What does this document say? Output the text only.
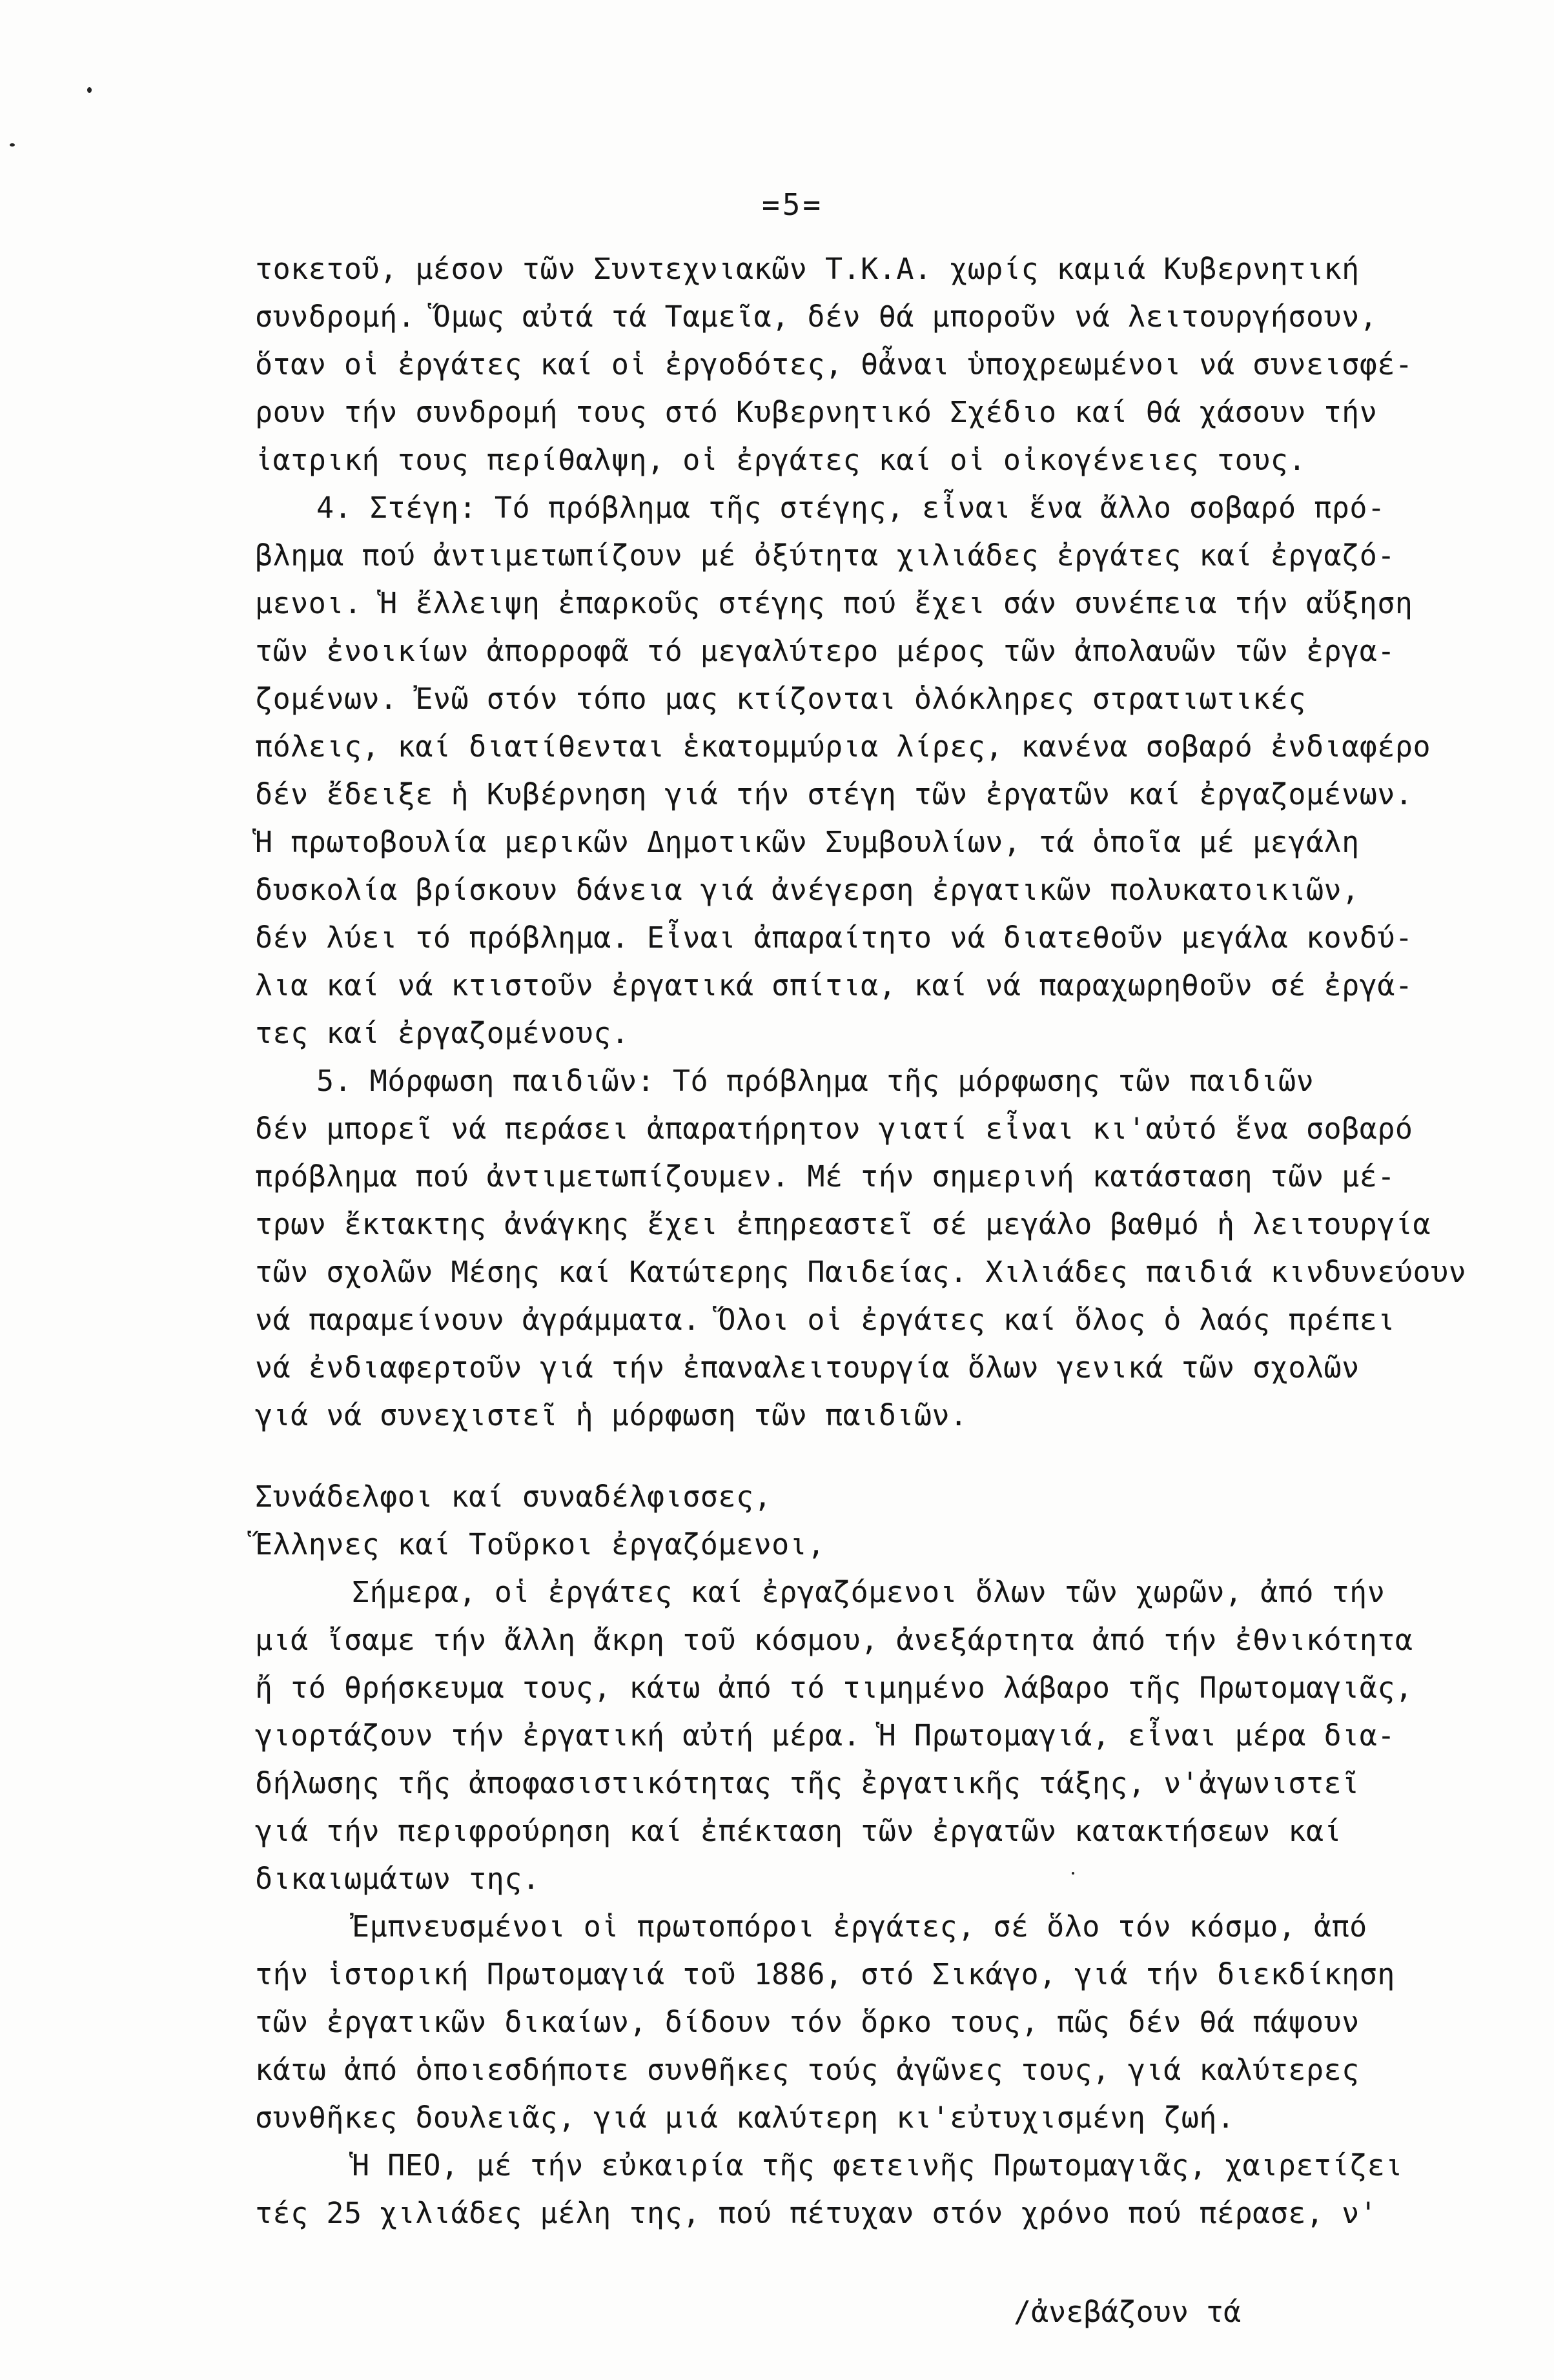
=5=
τοκετοῦ, μέσον τῶν Συντεχνιακῶν Τ.Κ.Α. χωρίς καμιά Κυβερνητική
συνδρομή. Ὅμως αὐτά τά Ταμεῖα, δέν θά μποροῦν νά λειτουργήσουν,
ὅταν οἱ ἐργάτες καί οἱ ἐργοδότες, θἆναι ὑποχρεωμένοι νά συνεισφέ-
ρουν τήν συνδρομή τους στό Κυβερνητικό Σχέδιο καί θά χάσουν τήν
ἰατρική τους περίθαλψη, οἱ ἐργάτες καί οἱ οἰκογένειες τους.
4. Στέγη: Τό πρόβλημα τῆς στέγης, εἶναι ἕνα ἄλλο σοβαρό πρό-
βλημα πού ἀντιμετωπίζουν μέ ὀξύτητα χιλιάδες ἐργάτες καί ἐργαζό-
μενοι. Ἡ ἔλλειψη ἐπαρκοῦς στέγης πού ἔχει σάν συνέπεια τήν αὔξηση
τῶν ἐνοικίων ἀπορροφᾶ τό μεγαλύτερο μέρος τῶν ἀπολαυῶν τῶν ἐργα-
ζομένων. Ἐνῶ στόν τόπο μας κτίζονται ὁλόκληρες στρατιωτικές
πόλεις, καί διατίθενται ἑκατομμύρια λίρες, κανένα σοβαρό ἐνδιαφέρο
δέν ἔδειξε ἡ Κυβέρνηση γιά τήν στέγη τῶν ἐργατῶν καί ἐργαζομένων.
Ἡ πρωτοβουλία μερικῶν Δημοτικῶν Συμβουλίων, τά ὁποῖα μέ μεγάλη
δυσκολία βρίσκουν δάνεια γιά ἀνέγερση ἐργατικῶν πολυκατοικιῶν,
δέν λύει τό πρόβλημα. Εἶναι ἀπαραίτητο νά διατεθοῦν μεγάλα κονδύ-
λια καί νά κτιστοῦν ἐργατικά σπίτια, καί νά παραχωρηθοῦν σέ ἐργά-
τες καί ἐργαζομένους.
5. Μόρφωση παιδιῶν: Τό πρόβλημα τῆς μόρφωσης τῶν παιδιῶν
δέν μπορεῖ νά περάσει ἀπαρατήρητον γιατί εἶναι κι'αὐτό ἕνα σοβαρό
πρόβλημα πού ἀντιμετωπίζουμεν. Μέ τήν σημερινή κατάσταση τῶν μέ-
τρων ἔκτακτης ἀνάγκης ἔχει ἐπηρεαστεῖ σέ μεγάλο βαθμό ἡ λειτουργία
τῶν σχολῶν Μέσης καί Κατώτερης Παιδείας. Χιλιάδες παιδιά κινδυνεύουν
νά παραμείνουν ἀγράμματα. Ὅλοι οἱ ἐργάτες καί ὅλος ὁ λαός πρέπει
νά ἐνδιαφερτοῦν γιά τήν ἐπαναλειτουργία ὅλων γενικά τῶν σχολῶν
γιά νά συνεχιστεῖ ἡ μόρφωση τῶν παιδιῶν.
Συνάδελφοι καί συναδέλφισσες,
Ἕλληνες καί Τοῦρκοι ἐργαζόμενοι,
Σήμερα, οἱ ἐργάτες καί ἐργαζόμενοι ὅλων τῶν χωρῶν, ἀπό τήν
μιά ἴσαμε τήν ἄλλη ἄκρη τοῦ κόσμου, ἀνεξάρτητα ἀπό τήν ἐθνικότητα
ἤ τό θρήσκευμα τους, κάτω ἀπό τό τιμημένο λάβαρο τῆς Πρωτομαγιᾶς,
γιορτάζουν τήν ἐργατική αὐτή μέρα. Ἡ Πρωτομαγιά, εἶναι μέρα δια-
δήλωσης τῆς ἀποφασιστικότητας τῆς ἐργατικῆς τάξης, ν'ἀγωνιστεῖ
γιά τήν περιφρούρηση καί ἐπέκταση τῶν ἐργατῶν κατακτήσεων καί
δικαιωμάτων της.
Ἐμπνευσμένοι οἱ πρωτοπόροι ἐργάτες, σέ ὅλο τόν κόσμο, ἀπό
τήν ἱστορική Πρωτομαγιά τοῦ 1886, στό Σικάγο, γιά τήν διεκδίκηση
τῶν ἐργατικῶν δικαίων, δίδουν τόν ὅρκο τους, πῶς δέν θά πάψουν
κάτω ἀπό ὁποιεσδήποτε συνθῆκες τούς ἀγῶνες τους, γιά καλύτερες
συνθῆκες δουλειᾶς, γιά μιά καλύτερη κι'εὐτυχισμένη ζωή.
Ἡ ΠΕΟ, μέ τήν εὐκαιρία τῆς φετεινῆς Πρωτομαγιᾶς, χαιρετίζει
τές 25 χιλιάδες μέλη της, πού πέτυχαν στόν χρόνο πού πέρασε, ν'
/ἀνεβάζουν τά
